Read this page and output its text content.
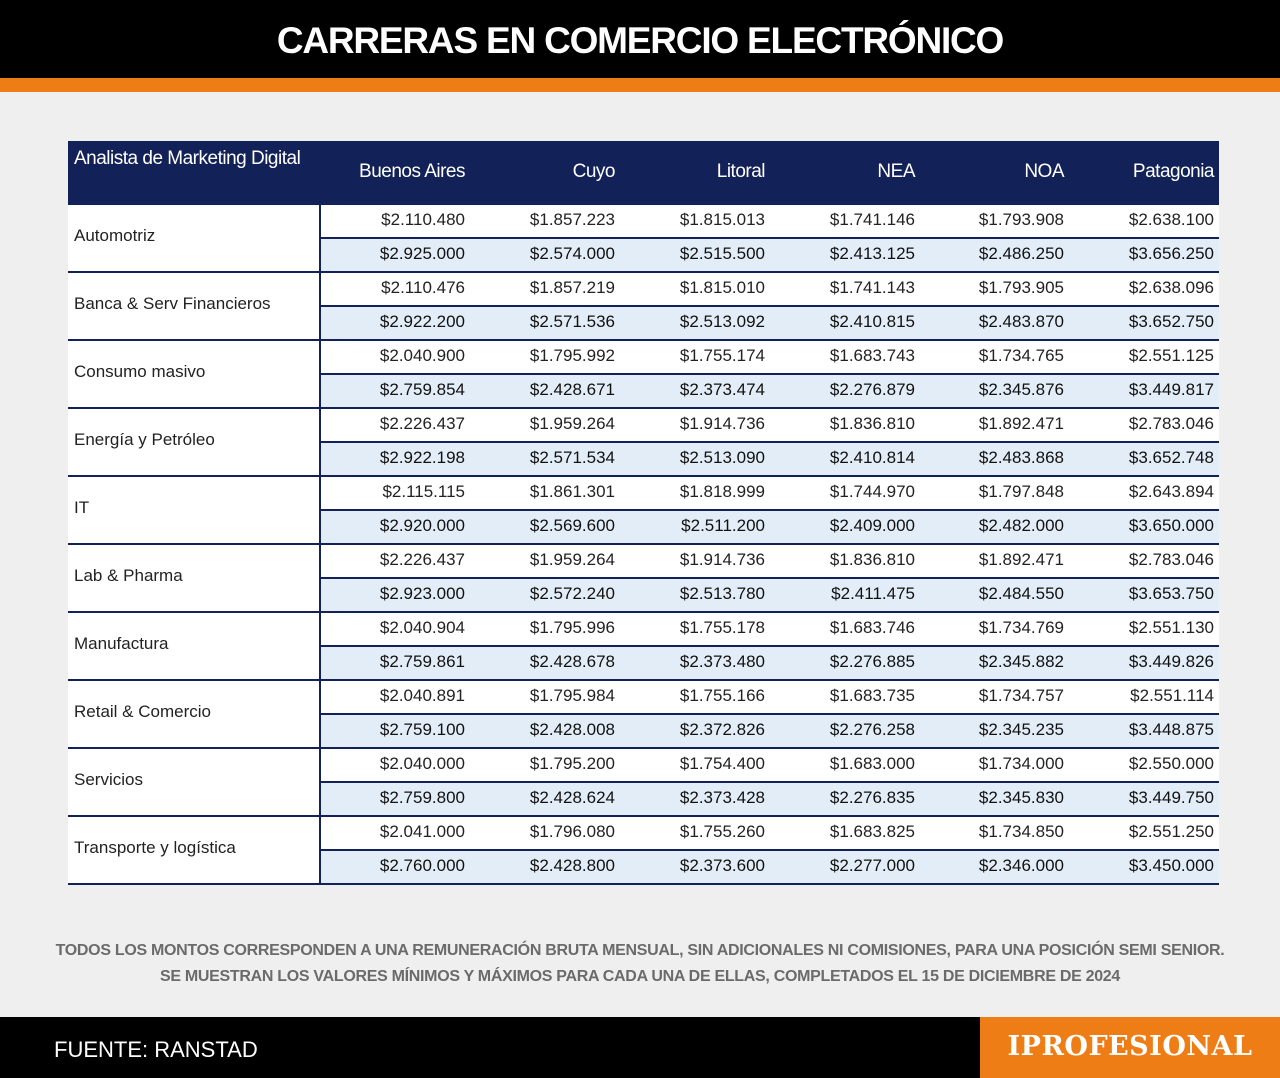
CARRERAS EN COMERCIO ELECTRÓNICO
Analista de Marketing Digital
Buenos Aires	Cuyo	Litoral	NEA	NOA	Patagonia
Automotriz
$2.110.480	$1.857.223	$1.815.013	$1.741.146	$1.793.908	$2.638.100
$2.925.000	$2.574.000	$2.515.500	$2.413.125	$2.486.250	$3.656.250
Banca & Serv Financieros
$2.110.476	$1.857.219	$1.815.010	$1.741.143	$1.793.905	$2.638.096
$2.922.200	$2.571.536	$2.513.092	$2.410.815	$2.483.870	$3.652.750
Consumo masivo
$2.040.900	$1.795.992	$1.755.174	$1.683.743	$1.734.765	$2.551.125
$2.759.854	$2.428.671	$2.373.474	$2.276.879	$2.345.876	$3.449.817
Energía y Petróleo
$2.226.437	$1.959.264	$1.914.736	$1.836.810	$1.892.471	$2.783.046
$2.922.198	$2.571.534	$2.513.090	$2.410.814	$2.483.868	$3.652.748
IT
$2.115.115	$1.861.301	$1.818.999	$1.744.970	$1.797.848	$2.643.894
$2.920.000	$2.569.600	$2.511.200	$2.409.000	$2.482.000	$3.650.000
Lab & Pharma
$2.226.437	$1.959.264	$1.914.736	$1.836.810	$1.892.471	$2.783.046
$2.923.000	$2.572.240	$2.513.780	$2.411.475	$2.484.550	$3.653.750
Manufactura
$2.040.904	$1.795.996	$1.755.178	$1.683.746	$1.734.769	$2.551.130
$2.759.861	$2.428.678	$2.373.480	$2.276.885	$2.345.882	$3.449.826
Retail & Comercio
$2.040.891	$1.795.984	$1.755.166	$1.683.735	$1.734.757	$2.551.114
$2.759.100	$2.428.008	$2.372.826	$2.276.258	$2.345.235	$3.448.875
Servicios
$2.040.000	$1.795.200	$1.754.400	$1.683.000	$1.734.000	$2.550.000
$2.759.800	$2.428.624	$2.373.428	$2.276.835	$2.345.830	$3.449.750
Transporte y logística
$2.041.000	$1.796.080	$1.755.260	$1.683.825	$1.734.850	$2.551.250
$2.760.000	$2.428.800	$2.373.600	$2.277.000	$2.346.000	$3.450.000
TODOS LOS MONTOS CORRESPONDEN A UNA REMUNERACIÓN BRUTA MENSUAL, SIN ADICIONALES NI COMISIONES, PARA UNA POSICIÓN SEMI SENIOR.
SE MUESTRAN LOS VALORES MÍNIMOS Y MÁXIMOS PARA CADA UNA DE ELLAS, COMPLETADOS EL 15 DE DICIEMBRE DE 2024
FUENTE: RANSTAD	IPROFESIONAL
